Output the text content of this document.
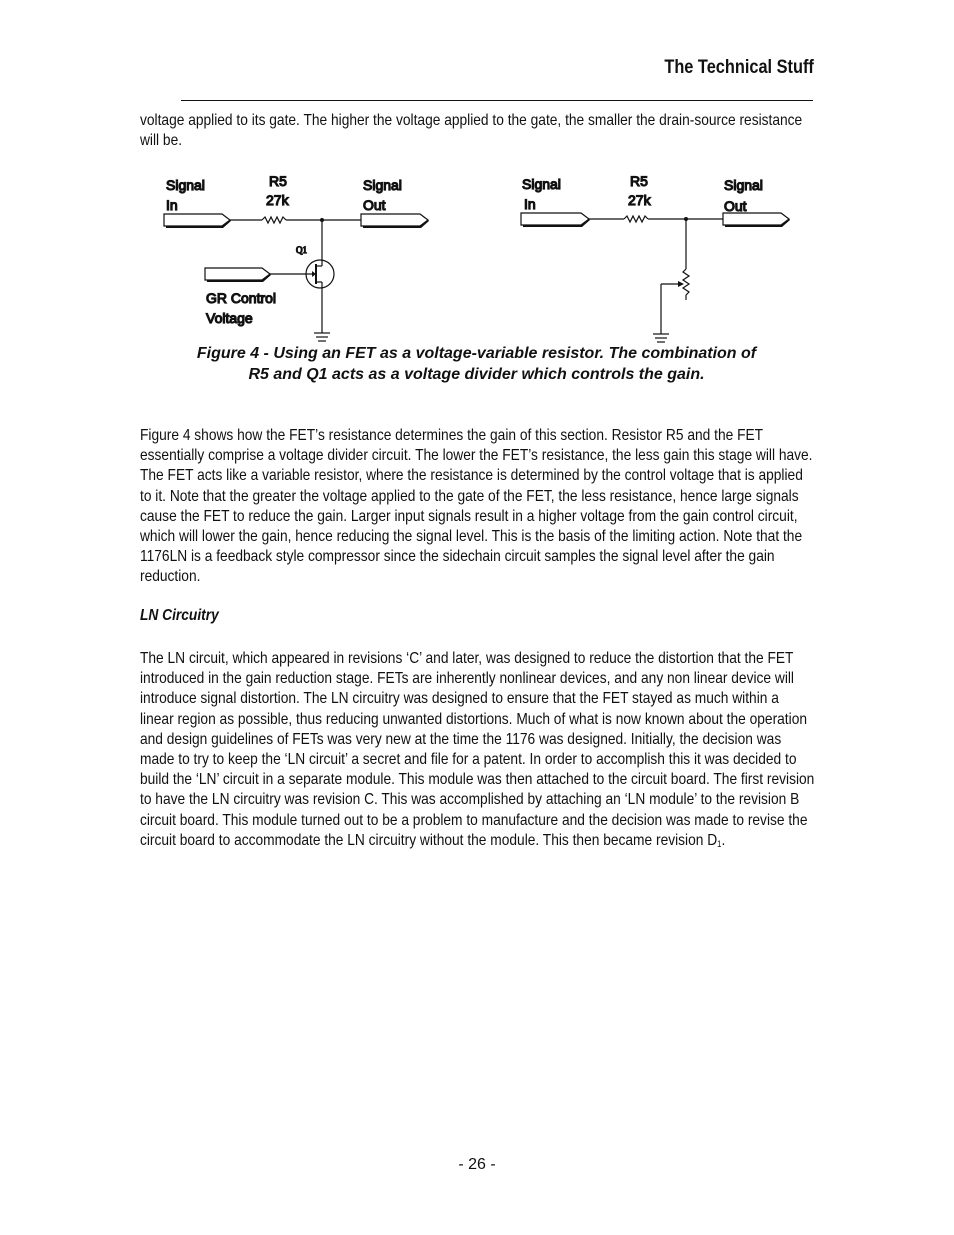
The Technical Stuff
voltage applied to its gate. The higher the voltage applied to the gate, the smaller the drain-source resistance will be.
Signal
In
R5
27k
Signal
Out
Q1
GR Control
Voltage
Signal
In
R5
27k
Signal
Out
Figure 4 - Using an FET as a voltage-variable resistor. The combination of
R5 and Q1 acts as a voltage divider which controls the gain.
Figure 4 shows how the FET’s resistance determines the gain of this section. Resistor R5 and the FET essentially comprise a voltage divider circuit. The lower the FET’s resistance, the less gain this stage will have. The FET acts like a variable resistor, where the resistance is determined by the control voltage that is applied to it. Note that the greater the voltage applied to the gate of the FET, the less resistance, hence large signals cause the FET to reduce the gain. Larger input signals result in a higher voltage from the gain control circuit, which will lower the gain, hence reducing the signal level. This is the basis of the limiting action. Note that the 1176LN is a feedback style compressor since the sidechain circuit samples the signal level after the gain reduction.
LN Circuitry
The LN circuit, which appeared in revisions ‘C’ and later, was designed to reduce the distortion that the FET introduced in the gain reduction stage. FETs are inherently nonlinear devices, and any non linear device will introduce signal distortion. The LN circuitry was designed to ensure that the FET stayed as much within a linear region as possible, thus reducing unwanted distortions. Much of what is now known about the operation and design guidelines of FETs was very new at the time the 1176 was designed. Initially, the decision was made to try to keep the ‘LN circuit’ a secret and file for a patent. In order to accomplish this it was decided to build the ‘LN’ circuit in a separate module. This module was then attached to the circuit board. The first revision to have the LN circuitry was revision C. This was accomplished by attaching an ‘LN module’ to the revision B circuit board. This module turned out to be a problem to manufacture and the decision was made to revise the circuit board to accommodate the LN circuitry without the module. This then became revision $D_1$.
- 26 -
